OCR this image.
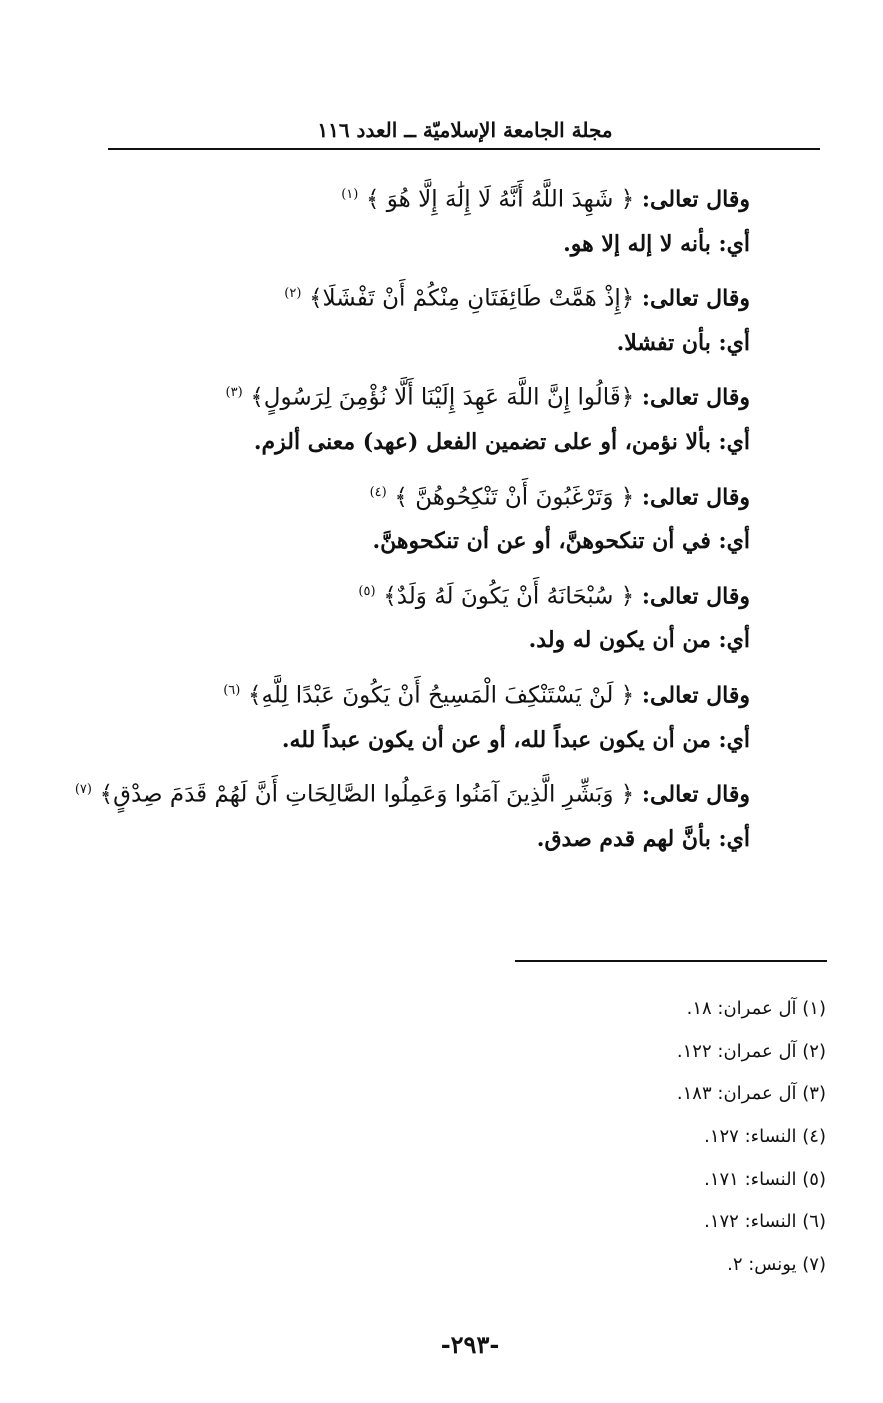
مجلة الجامعة الإسلاميّة ــ العدد ١١٦
وقال تعالى: ﴿ شَهِدَ اللَّهُ أَنَّهُ لَا إِلَٰهَ إِلَّا هُوَ ﴾ $^{(١)}$
أي: بأنه لا إله إلا هو.
وقال تعالى: ﴿إِذْ هَمَّتْ طَائِفَتَانِ مِنْكُمْ أَنْ تَفْشَلَا﴾ $^{(٢)}$
أي: بأن تفشلا.
وقال تعالى: ﴿قَالُوا إِنَّ اللَّهَ عَهِدَ إِلَيْنَا أَلَّا نُؤْمِنَ لِرَسُولٍ﴾ $^{(٣)}$
أي: بألا نؤمن، أو على تضمين الفعل (عهد) معنى ألزم.
وقال تعالى: ﴿ وَتَرْغَبُونَ أَنْ تَنْكِحُوهُنَّ ﴾ $^{(٤)}$
أي: في أن تنكحوهنَّ، أو عن أن تنكحوهنَّ.
وقال تعالى: ﴿ سُبْحَانَهُ أَنْ يَكُونَ لَهُ وَلَدٌ﴾ $^{(٥)}$
أي: من أن يكون له ولد.
وقال تعالى: ﴿ لَنْ يَسْتَنْكِفَ الْمَسِيحُ أَنْ يَكُونَ عَبْدًا لِلَّهِ﴾ $^{(٦)}$
أي: من أن يكون عبداً لله، أو عن أن يكون عبداً لله.
وقال تعالى: ﴿ وَبَشِّرِ الَّذِينَ آمَنُوا وَعَمِلُوا الصَّالِحَاتِ أَنَّ لَهُمْ قَدَمَ صِدْقٍ﴾ $^{(٧)}$
أي: بأنَّ لهم قدم صدق.
(١) آل عمران: ١٨.
(٢) آل عمران: ١٢٢.
(٣) آل عمران: ١٨٣.
(٤) النساء: ١٢٧.
(٥) النساء: ١٧١.
(٦) النساء: ١٧٢.
(٧) يونس: ٢.
-٢٩٣-
